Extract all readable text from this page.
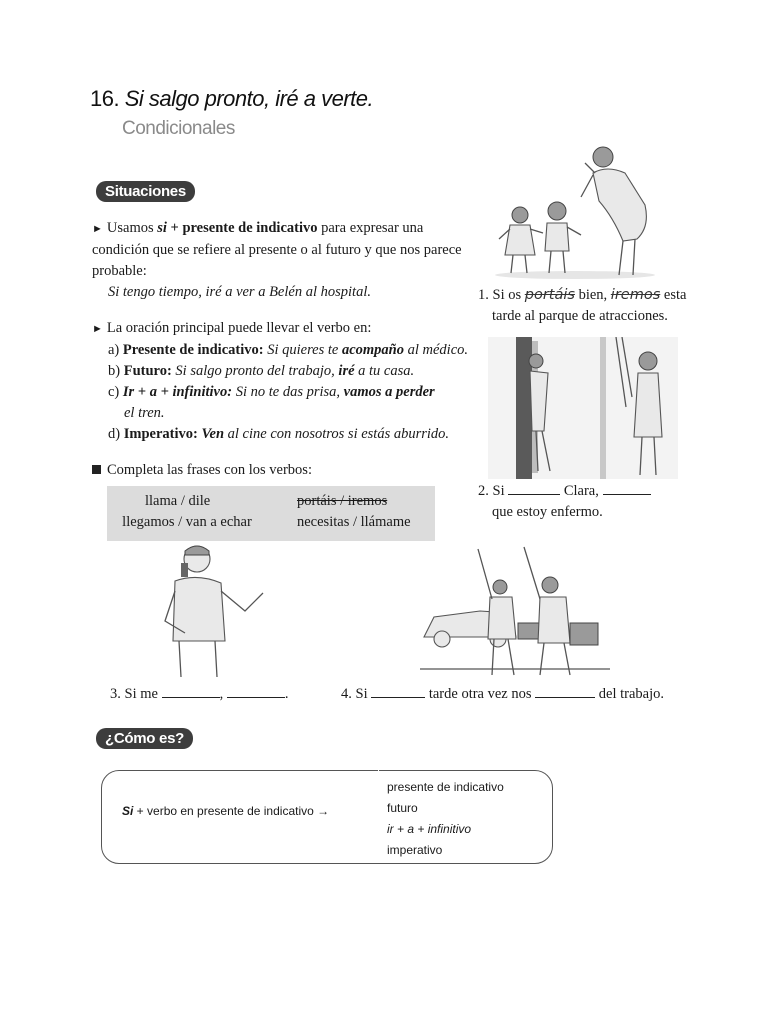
16. Si salgo pronto, iré a verte.
Condicionales
Situaciones
► Usamos si + presente de indicativo para expresar una condición que se refiere al presente o al futuro y que nos parece probable:
Si tengo tiempo, iré a ver a Belén al hospital.
► La oración principal puede llevar el verbo en:

a) Presente de indicativo: Si quieres te acompaño al médico.
b) Futuro: Si salgo pronto del trabajo, iré a tu casa.
c) Ir + a + infinitivo: Si no te das prisa, vamos a perder
el tren.
d) Imperativo: Ven al cine con nosotros si estás aburrido.
Completa las frases con los verbos:
llama / dile	portáis / iremos
llegamos / van a echar	necesitas / llámame
1. Si os portáis bien, iremos esta
tarde al parque de atracciones.
2. Si	Clara,
que estoy enfermo.
3. Si me	,	.	4. Si	tarde otra vez nos	del trabajo.
¿Cómo es?
Si + verbo en presente de indicativo →
presente de indicativo
futuro
ir + a + infinitivo
imperativo
